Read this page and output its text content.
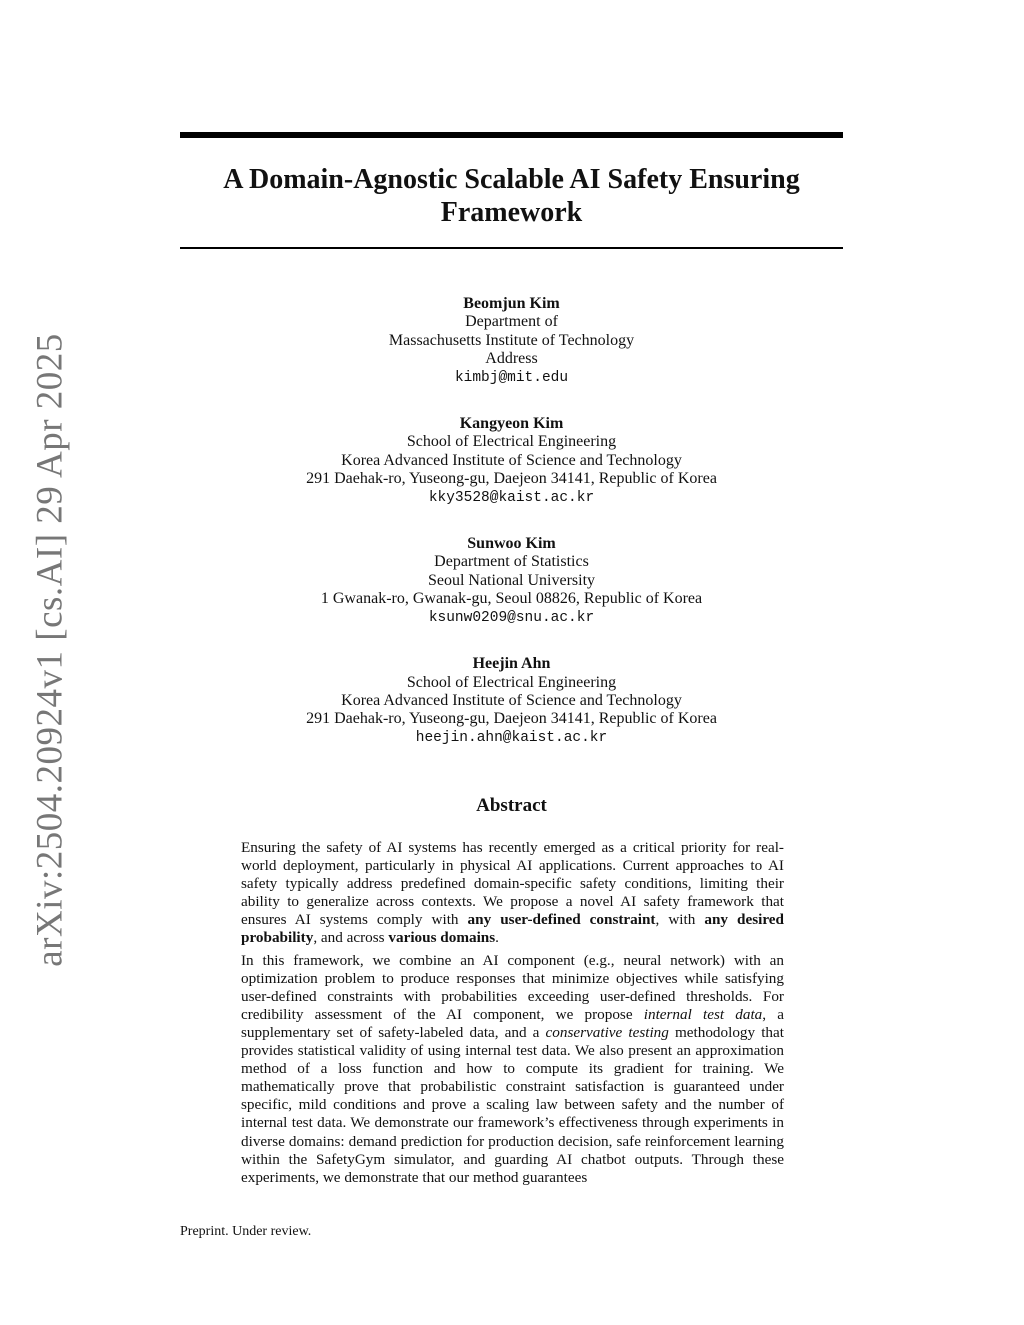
arXiv:2504.20924v1 [cs.AI] 29 Apr 2025
A Domain-Agnostic Scalable AI Safety Ensuring
Framework
Beomjun Kim
Department of
Massachusetts Institute of Technology
Address
kimbj@mit.edu
Kangyeon Kim
School of Electrical Engineering
Korea Advanced Institute of Science and Technology
291 Daehak-ro, Yuseong-gu, Daejeon 34141, Republic of Korea
kky3528@kaist.ac.kr
Sunwoo Kim
Department of Statistics
Seoul National University
1 Gwanak-ro, Gwanak-gu, Seoul 08826, Republic of Korea
ksunw0209@snu.ac.kr
Heejin Ahn
School of Electrical Engineering
Korea Advanced Institute of Science and Technology
291 Daehak-ro, Yuseong-gu, Daejeon 34141, Republic of Korea
heejin.ahn@kaist.ac.kr
Abstract

Ensuring the safety of AI systems has recently emerged as a critical priority for real-world deployment, particularly in physical AI applications. Current approaches to AI safety typically address predefined domain-specific safety conditions, limiting their ability to generalize across contexts. We propose a novel AI safety framework that ensures AI systems comply with any user-defined constraint, with any desired probability, and across various domains.

In this framework, we combine an AI component (e.g., neural network) with an optimization problem to produce responses that minimize objectives while satisfying user-defined constraints with probabilities exceeding user-defined thresholds. For credibility assessment of the AI component, we propose internal test data, a supplementary set of safety-labeled data, and a conservative testing methodology that provides statistical validity of using internal test data. We also present an approximation method of a loss function and how to compute its gradient for training. We mathematically prove that probabilistic constraint satisfaction is guaranteed under specific, mild conditions and prove a scaling law between safety and the number of internal test data. We demonstrate our framework’s effectiveness through experiments in diverse domains: demand prediction for production decision, safe reinforcement learning within the SafetyGym simulator, and guarding AI chatbot outputs. Through these experiments, we demonstrate that our method guarantees

Preprint. Under review.
